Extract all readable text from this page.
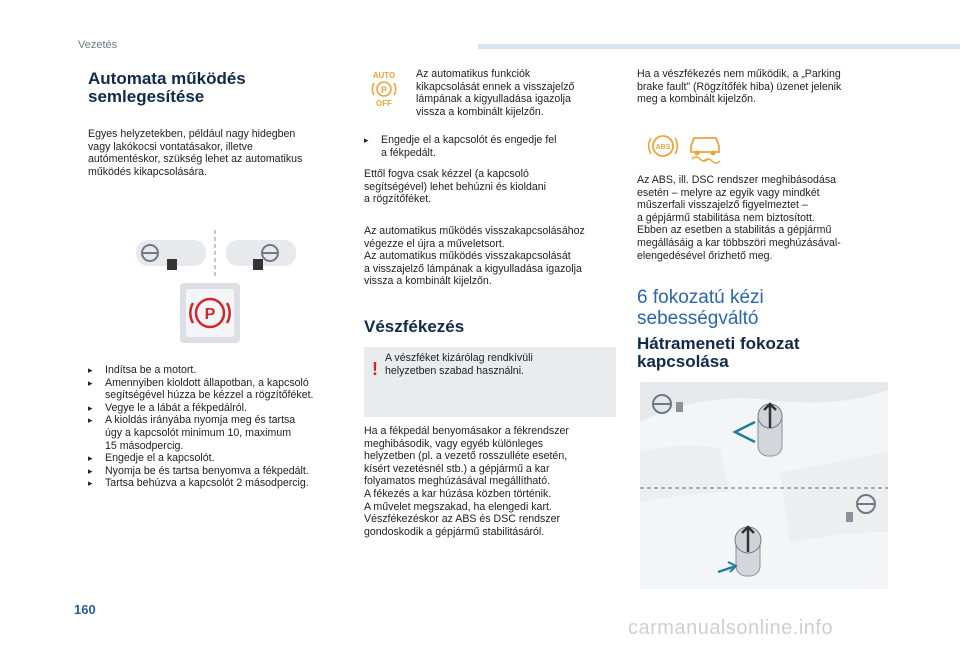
Vezetés
160
carmanualsonline.info
Automata működés
semlegesítése

Egyes helyzetekben, például nagy hidegben

vagy lakókocsi vontatásakor, illetve

autómentéskor, szükség lehet az automatikus

működés kikapcsolására.

P
▸ Indítsa be a motort.
▸ Amennyiben kioldott állapotban, a kapcsoló
segítségével húzza be kézzel a rögzítőféket.
▸ Vegye le a lábát a fékpedálról.
▸ A kioldás irányába nyomja meg és tartsa
úgy a kapcsolót minimum 10, maximum
15 másodpercig.
▸ Engedje el a kapcsolót.
▸ Nyomja be és tartsa benyomva a fékpedált.
▸ Tartsa behúzva a kapcsolót 2 másodpercig.
AUTO
P
OFF

Az automatikus funkciók

kikapcsolását ennek a visszajelző

lámpának a kigyulladása igazolja

vissza a kombinált kijelzőn.

▸ Engedje el a kapcsolót és engedje fel
a fékpedált.

Ettől fogva csak kézzel (a kapcsoló

segítségével) lehet behúzni és kioldani

a rögzítőféket.

Az automatikus működés visszakapcsolásához

végezze el újra a műveletsort.

Az automatikus működés visszakapcsolását

a visszajelző lámpának a kigyulladása igazolja

vissza a kombinált kijelzőn.

Vészfékezés
!

A vészféket kizárólag rendkívüli
helyzetben szabad használni.

Ha a fékpedál benyomásakor a fékrendszer

meghibásodik, vagy egyéb különleges

helyzetben (pl. a vezető rosszulléte esetén,

kísért vezetésnél stb.) a gépjármű a kar

folyamatos meghúzásával megállítható.

A fékezés a kar húzása közben történik.

A művelet megszakad, ha elengedi kart.

Vészfékezéskor az ABS és DSC rendszer

gondoskodik a gépjármű stabilitásáról.

Ha a vészfékezés nem működik, a „Parking

brake fault” (Rögzítőfék hiba) üzenet jelenik

meg a kombinált kijelzőn.

ABS

Az ABS, ill. DSC rendszer meghibásodása

esetén – melyre az egyik vagy mindkét

műszerfali visszajelző figyelmeztet –

a gépjármű stabilitása nem biztosított.

Ebben az esetben a stabilitás a gépjármű

megállásáig a kar többszöri meghúzásával-

elengedésével őrizhető meg.

6 fokozatú kézi
sebességváltó
Hátrameneti fokozat
kapcsolása
